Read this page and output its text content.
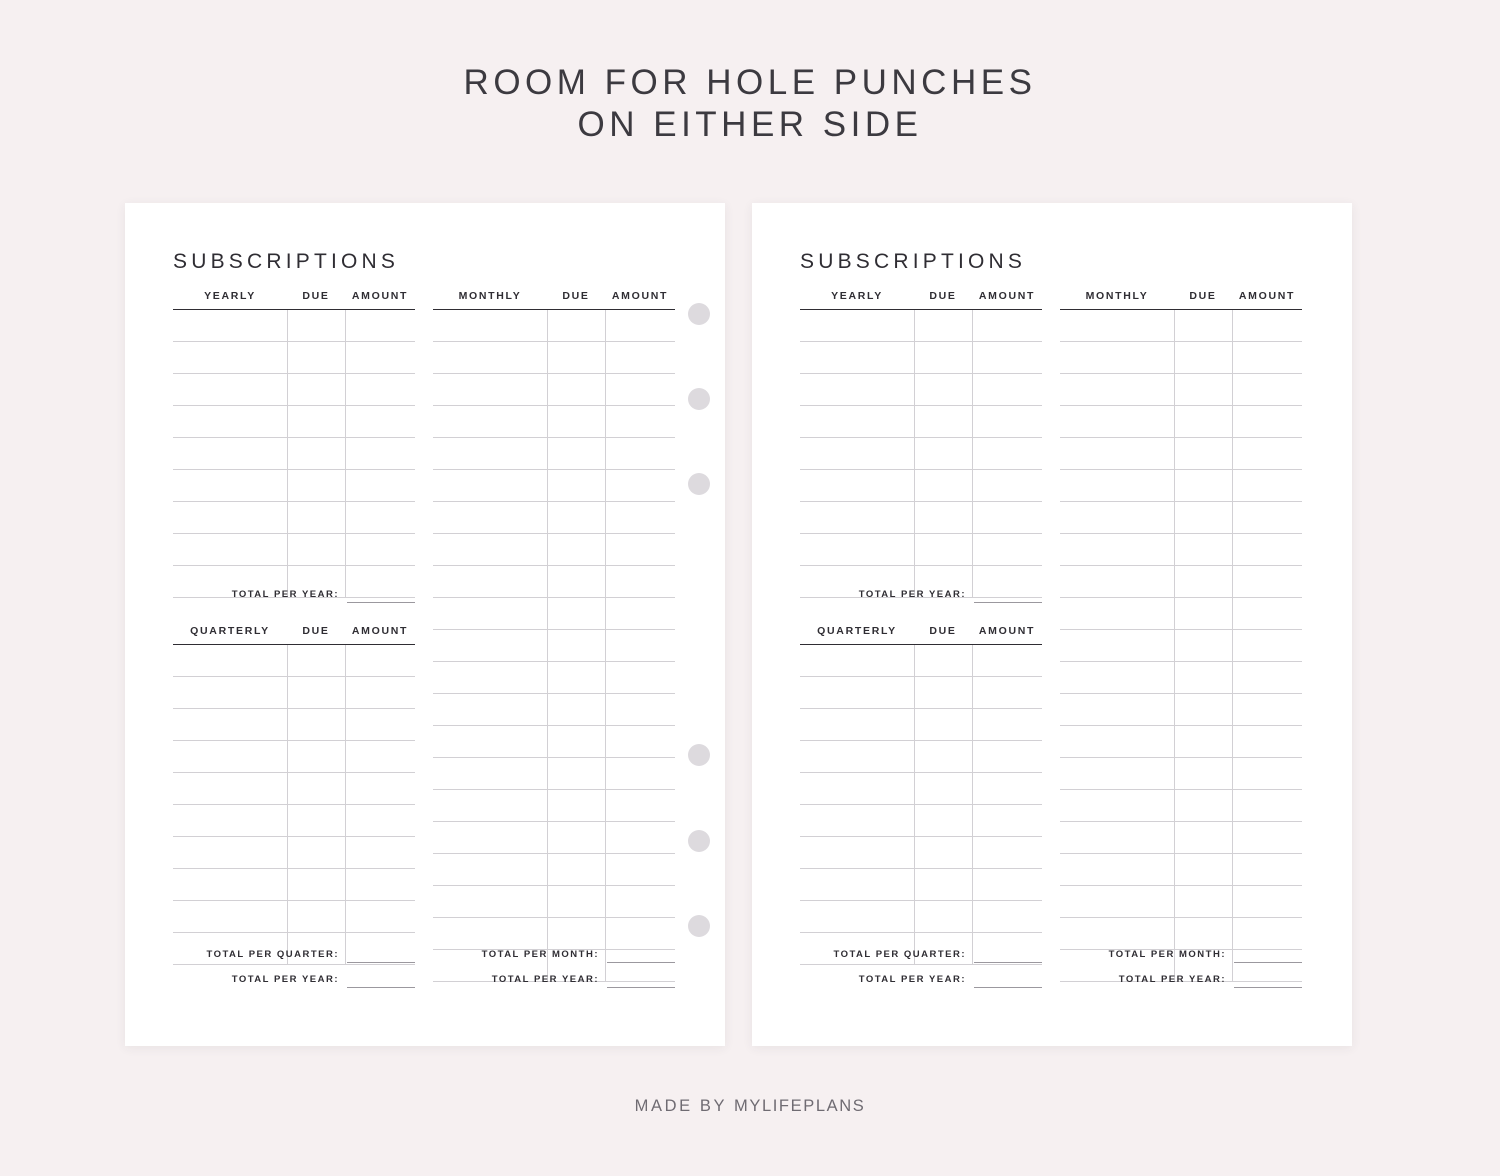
ROOM FOR HOLE PUNCHES
ON EITHER SIDE
SUBSCRIPTIONS
YEARLY	DUE	AMOUNT

TOTAL PER YEAR:
QUARTERLY	DUE	AMOUNT

TOTAL PER QUARTER:
TOTAL PER YEAR:
MONTHLY	DUE	AMOUNT

TOTAL PER MONTH:
TOTAL PER YEAR:
SUBSCRIPTIONS
YEARLY	DUE	AMOUNT

TOTAL PER YEAR:
QUARTERLY	DUE	AMOUNT

TOTAL PER QUARTER:
TOTAL PER YEAR:
MONTHLY	DUE	AMOUNT

TOTAL PER MONTH:
TOTAL PER YEAR:
MADE BY MYLIFEPLANS
